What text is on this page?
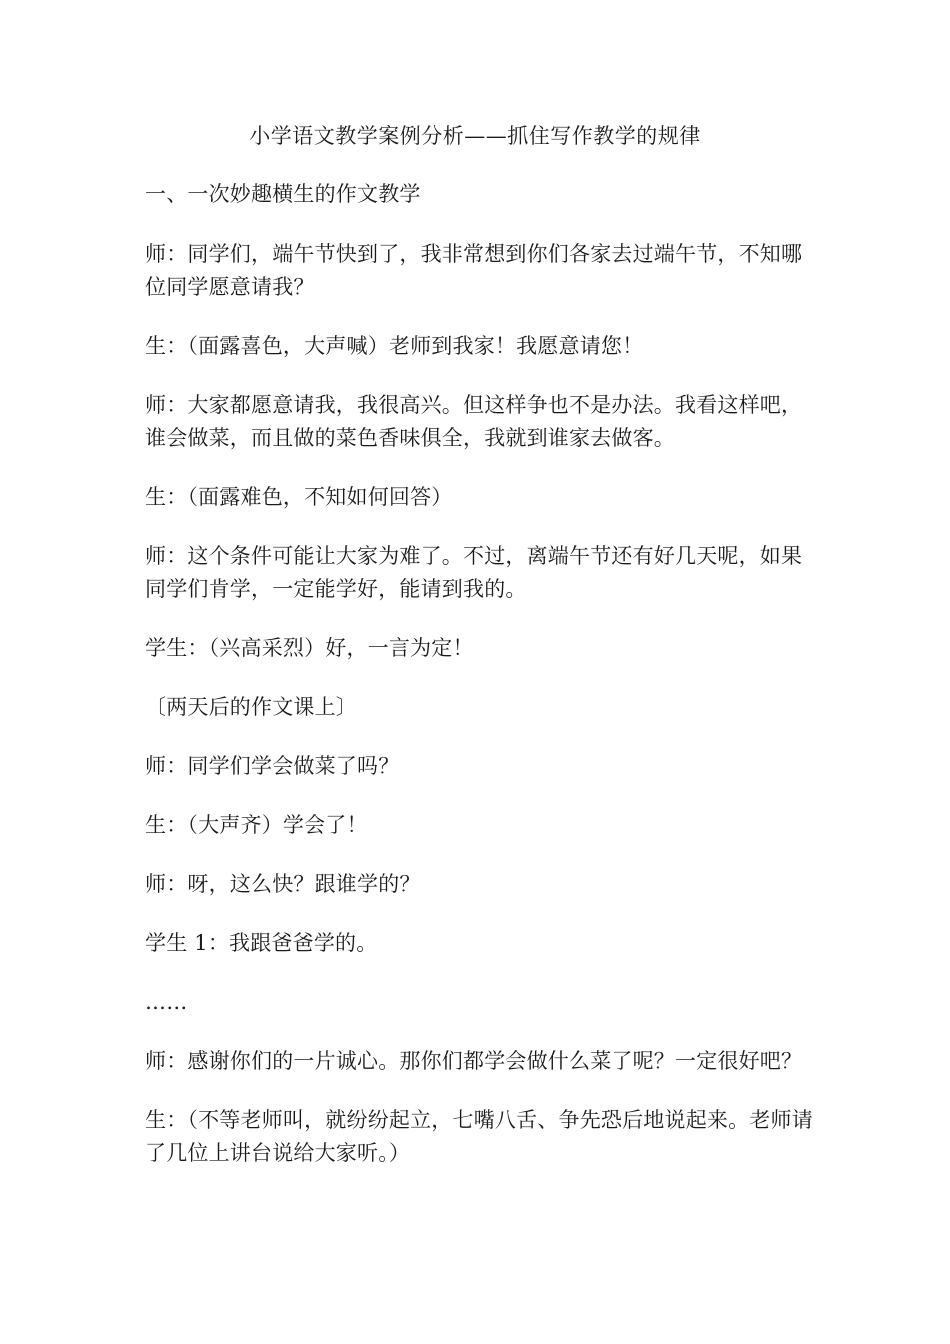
小学语文教学案例分析——抓住写作教学的规律

一、一次妙趣横生的作文教学

师：同学们，端午节快到了，我非常想到你们各家去过端午节，不知哪位同学愿意请我？

生：（面露喜色，大声喊）老师到我家！我愿意请您！

师：大家都愿意请我，我很高兴。但这样争也不是办法。我看这样吧，谁会做菜，而且做的菜色香味俱全，我就到谁家去做客。

生：（面露难色，不知如何回答）

师：这个条件可能让大家为难了。不过，离端午节还有好几天呢，如果同学们肯学，一定能学好，能请到我的。

学生：（兴高采烈）好，一言为定！

〔两天后的作文课上〕

师：同学们学会做菜了吗？

生：（大声齐）学会了！

师：呀，这么快？跟谁学的？

学生 1：我跟爸爸学的。

……

师：感谢你们的一片诚心。那你们都学会做什么菜了呢？一定很好吧？

生：（不等老师叫，就纷纷起立，七嘴八舌、争先恐后地说起来。老师请了几位上讲台说给大家听。）
